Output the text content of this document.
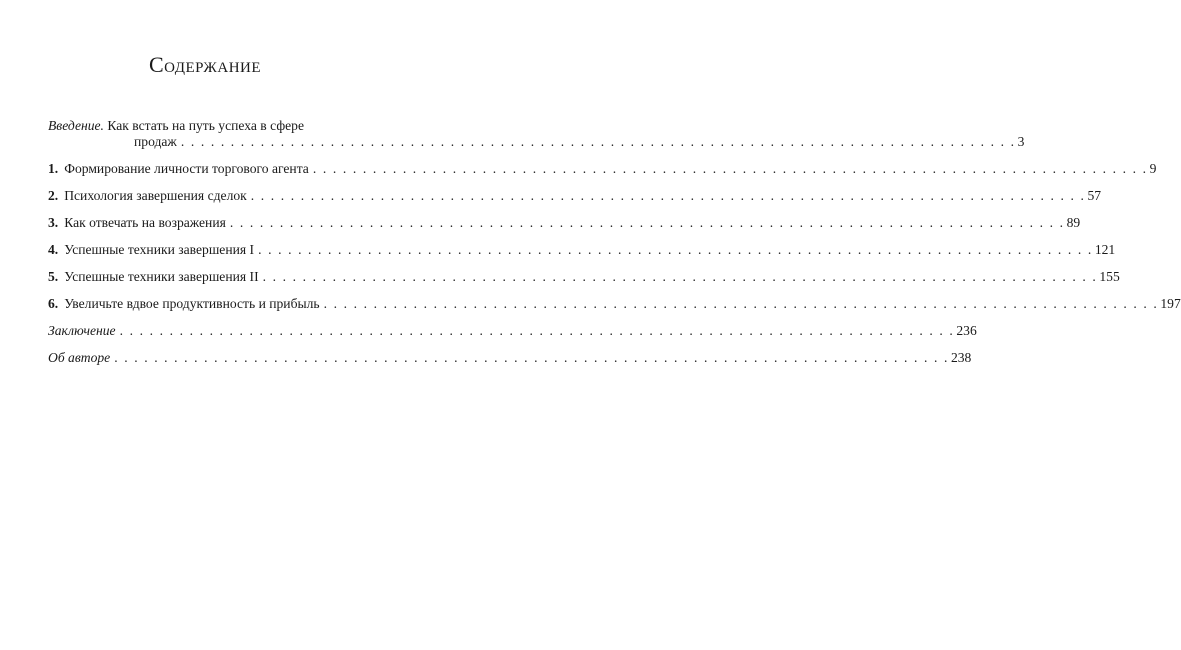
Содержание
Введение. Как встать на путь успеха в сфере
продаж . . .	3
1. Формирование личности торгового агента . . .	9
2. Психология завершения сделок . . .	57
3. Как отвечать на возражения . . .	89
4. Успешные техники завершения I . . .	121
5. Успешные техники завершения II . . .	155
6. Увеличьте вдвое продуктивность и прибыль . . .	197
Заключение . . .	236
Об авторе . . .	238
